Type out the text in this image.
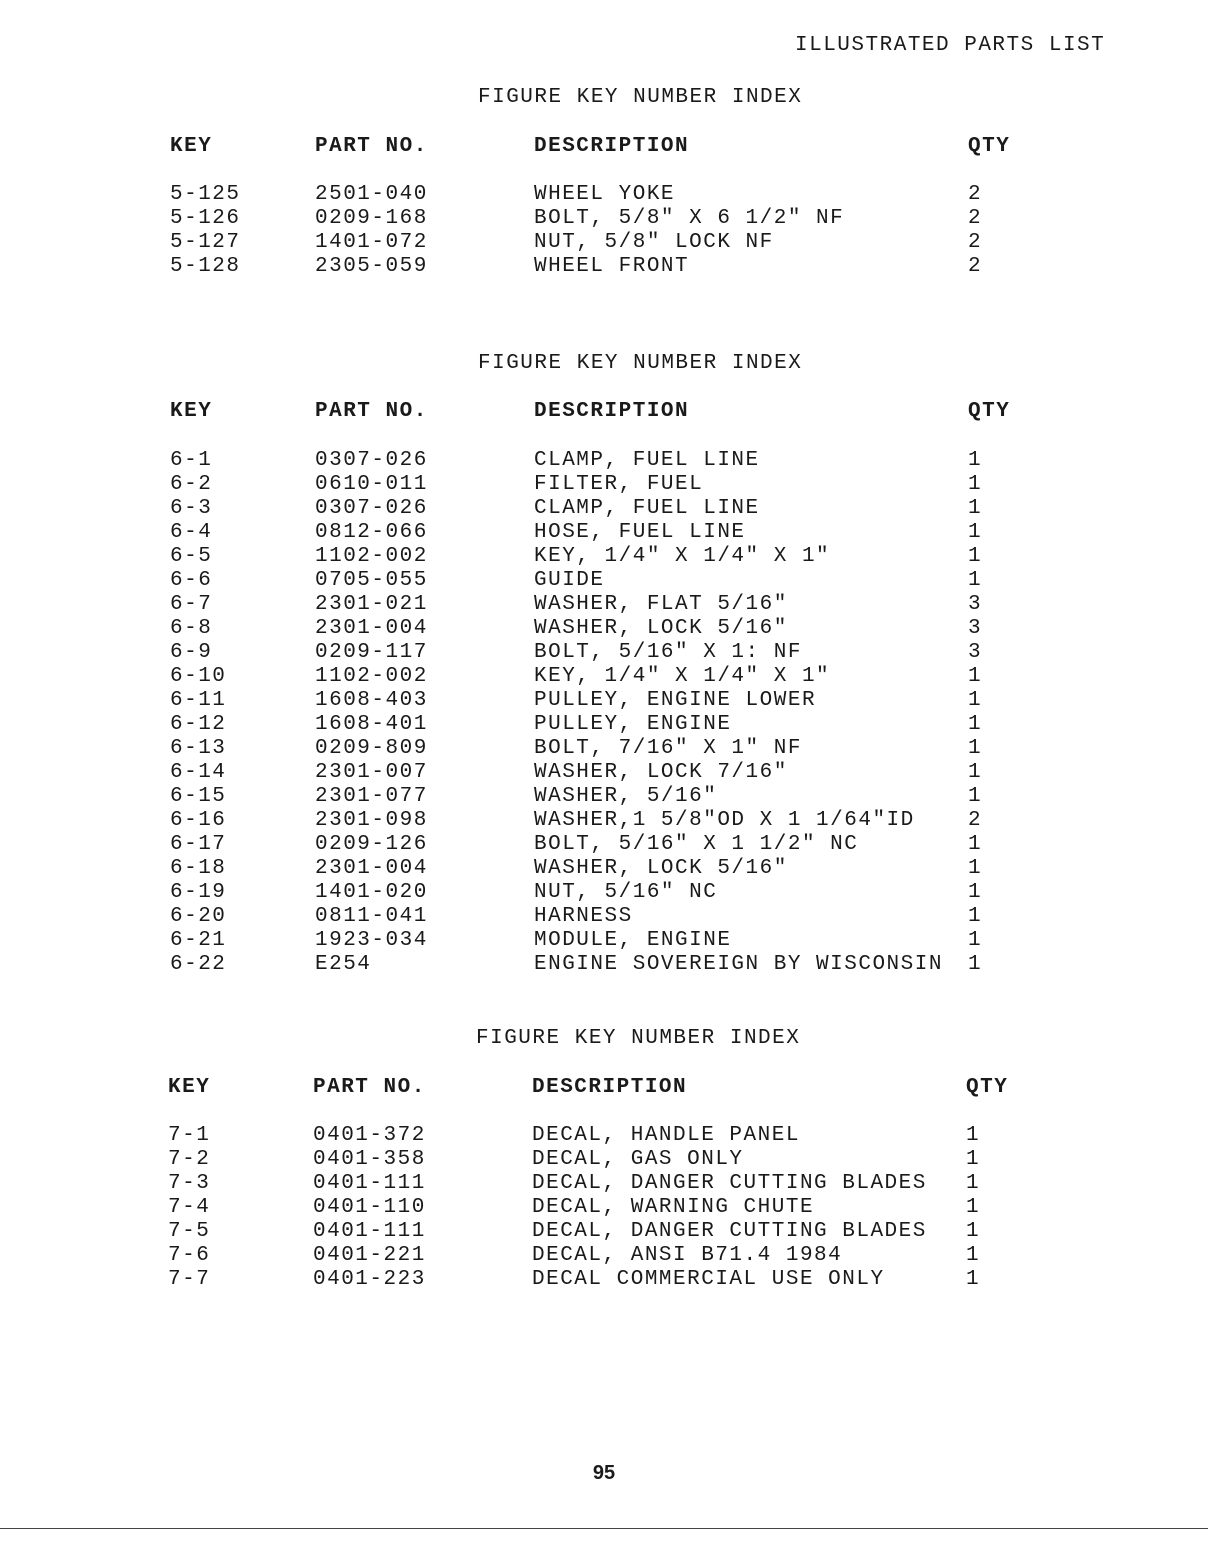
ILLUSTRATED PARTS LIST
FIGURE KEY NUMBER INDEX
KEY	PART NO.	DESCRIPTION	QTY
5-125	2501-040	WHEEL YOKE	2
5-126	0209-168	BOLT, 5/8" X 6 1/2" NF	2
5-127	1401-072	NUT, 5/8" LOCK NF	2
5-128	2305-059	WHEEL FRONT	2
FIGURE KEY NUMBER INDEX
KEY	PART NO.	DESCRIPTION	QTY
6-1	0307-026	CLAMP, FUEL LINE	1
6-2	0610-011	FILTER, FUEL	1
6-3	0307-026	CLAMP, FUEL LINE	1
6-4	0812-066	HOSE, FUEL LINE	1
6-5	1102-002	KEY, 1/4" X 1/4" X 1"	1
6-6	0705-055	GUIDE	1
6-7	2301-021	WASHER, FLAT 5/16"	3
6-8	2301-004	WASHER, LOCK 5/16"	3
6-9	0209-117	BOLT, 5/16" X 1: NF	3
6-10	1102-002	KEY, 1/4" X 1/4" X 1"	1
6-11	1608-403	PULLEY, ENGINE LOWER	1
6-12	1608-401	PULLEY, ENGINE	1
6-13	0209-809	BOLT, 7/16" X 1" NF	1
6-14	2301-007	WASHER, LOCK 7/16"	1
6-15	2301-077	WASHER, 5/16"	1
6-16	2301-098	WASHER,1 5/8"OD X 1 1/64"ID	2
6-17	0209-126	BOLT, 5/16" X 1 1/2" NC	1
6-18	2301-004	WASHER, LOCK 5/16"	1
6-19	1401-020	NUT, 5/16" NC	1
6-20	0811-041	HARNESS	1
6-21	1923-034	MODULE, ENGINE	1
6-22	E254	ENGINE SOVEREIGN BY WISCONSIN 1
FIGURE KEY NUMBER INDEX
KEY	PART NO.	DESCRIPTION	QTY
7-1	0401-372	DECAL, HANDLE PANEL	1
7-2	0401-358	DECAL, GAS ONLY	1
7-3	0401-111	DECAL, DANGER CUTTING BLADES 1
7-4	0401-110	DECAL, WARNING CHUTE	1
7-5	0401-111	DECAL, DANGER CUTTING BLADES 1
7-6	0401-221	DECAL, ANSI B71.4 1984	1
7-7	0401-223	DECAL COMMERCIAL USE ONLY	1
95
